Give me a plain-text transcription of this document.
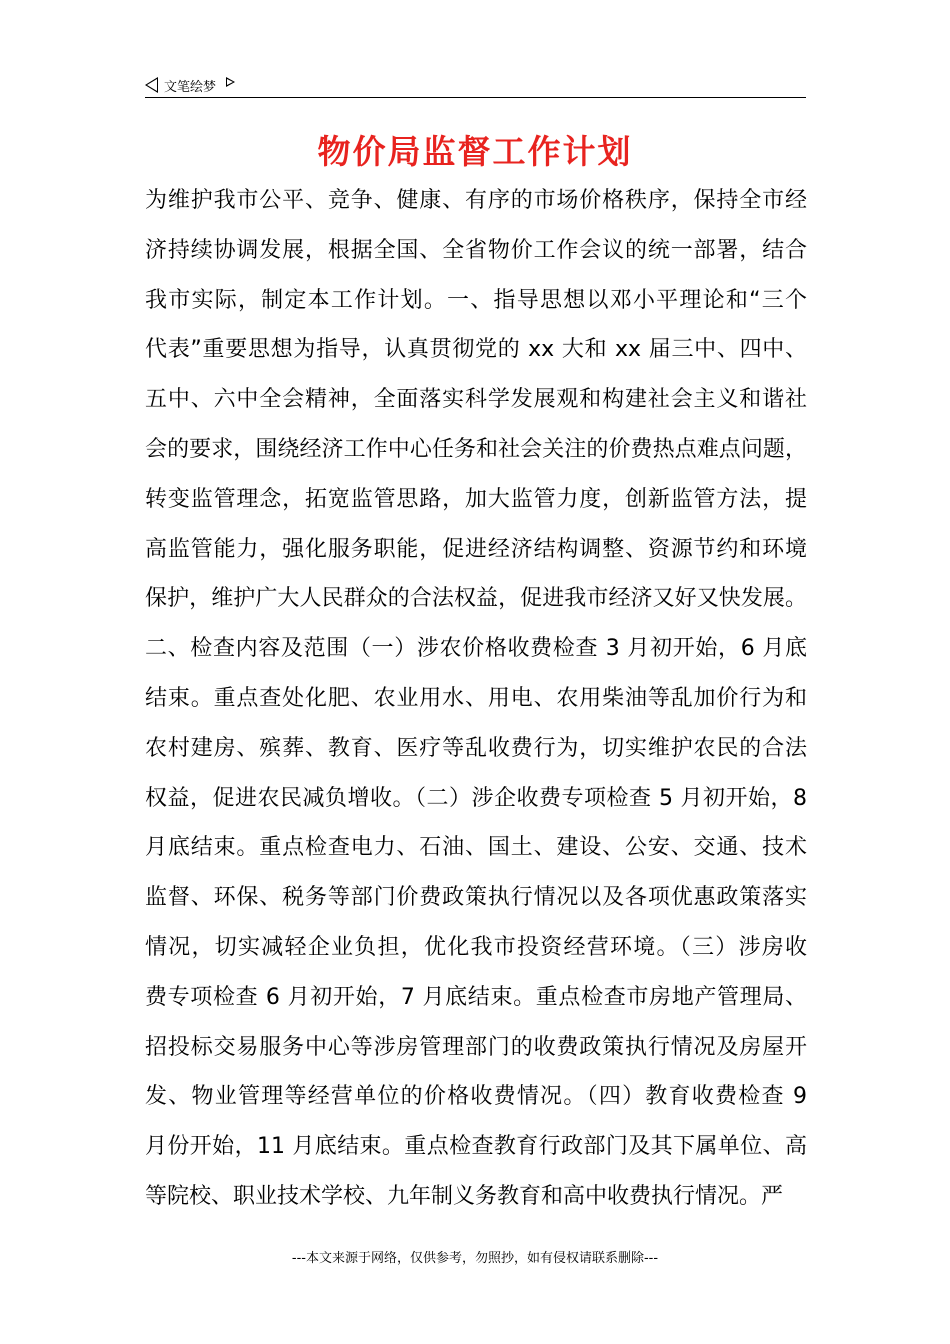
文笔绘梦
物价局监督工作计划
为维护我市公平、竞争、健康、有序的市场价格秩序，保持全市经
济持续协调发展，根据全国、全省物价工作会议的统一部署，结合
我市实际，制定本工作计划。一、指导思想以邓小平理论和“三个
代表”重要思想为指导，认真贯彻党的 xx 大和 xx 届三中、四中、
五中、六中全会精神，全面落实科学发展观和构建社会主义和谐社
会的要求，围绕经济工作中心任务和社会关注的价费热点难点问题，
转变监管理念，拓宽监管思路，加大监管力度，创新监管方法，提
高监管能力，强化服务职能，促进经济结构调整、资源节约和环境
保护，维护广大人民群众的合法权益，促进我市经济又好又快发展。
二、检查内容及范围（一）涉农价格收费检查 3 月初开始，6 月底
结束。重点查处化肥、农业用水、用电、农用柴油等乱加价行为和
农村建房、殡葬、教育、医疗等乱收费行为，切实维护农民的合法
权益，促进农民减负增收。（二）涉企收费专项检查 5 月初开始，8
月底结束。重点检查电力、石油、国土、建设、公安、交通、技术
监督、环保、税务等部门价费政策执行情况以及各项优惠政策落实
情况，切实减轻企业负担，优化我市投资经营环境。（三）涉房收
费专项检查 6 月初开始，7 月底结束。重点检查市房地产管理局、
招投标交易服务中心等涉房管理部门的收费政策执行情况及房屋开
发、物业管理等经营单位的价格收费情况。（四）教育收费检查 9
月份开始，11 月底结束。重点检查教育行政部门及其下属单位、高
等院校、职业技术学校、九年制义务教育和高中收费执行情况。严
---本文来源于网络，仅供参考，勿照抄，如有侵权请联系删除---
